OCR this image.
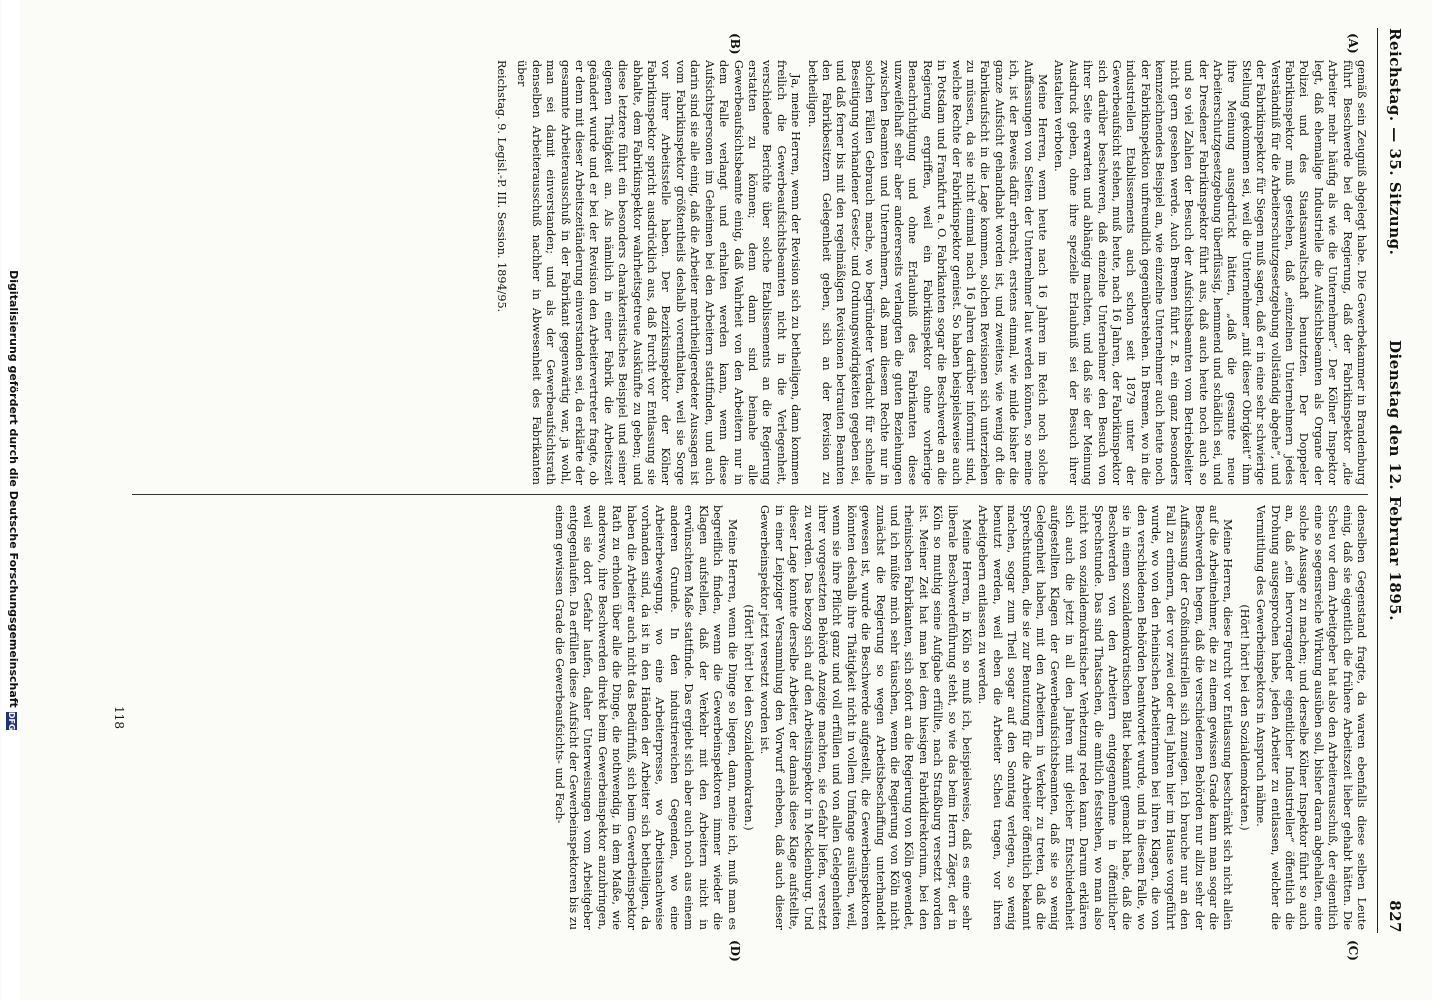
Reichstag. — 35. Sitzung.
Dienstag den 12. Februar 1895.
827
(A)
(B)
(C)
(D)

gemäß sein Zeugniß abgelegt habe. Die Gewerbekammer in Brandenburg führt Beschwerde bei der Regierung, daß der Fabrikinspektor „die Arbeiter mehr häufig als wie die Unternehmer“. Der Kölner Inspektor legt, daß ehemalige Industrielle die Aufsichtsbeamten als Organe der Polizei und des Staatsanwaltschaft benutzten. Der Doppeler Fabrikinspektor muß gestehen, daß „einzelnen Unternehmern jedes Verständniß für die Arbeiterschutzgesetzgebung vollständig abgehe“, und der Fabrikinspektor für Siegen muß sagen, daß er in eine sehr schwierige Stellung gekommen sei, weil die Unternehmer „mit dieser Obrigkeit“ ihm ihre Meinung ausgedrückt hätten, „daß die gesamte neue Arbeiterschutzgesetzgebung überflüssig, hemmend und schädlich sei, und der Dresdener Fabrikinspektor führt aus, daß auch heute noch auch so und so viel Zahlen der Besuch der Aufsichtsbeamten vom Betriebsleiter nicht gern gesehen werde. Auch Bremen führt z. B. ein ganz besonders kennzeichnendes Beispiel an, wie einzelne Unternehmer auch heute noch der Fabrikinspektion unfreundlich gegenüberstehen. In Bremen, wo in die industriellen Etablissements auch schon seit 1879 unter der Gewerbeaufsicht stehen, muß heute, nach 16 Jahren, der Fabrikinspektor sich darüber beschweren, daß einzelne Unternehmer den Besuch von ihrer Seite erwarten und abhängig machten, und daß sie der Meinung Ausdruck geben, ohne ihre spezielle Erlaubniß sei der Besuch ihrer Anstalten verboten.

Meine Herren, wenn heute nach 16 Jahren im Reich noch solche Auffassungen von Seiten der Unternehmer laut werden können, so meine ich, ist der Beweis dafür erbracht, erstens einmal, wie milde bisher die ganze Aufsicht gehandhabt worden ist, und zweitens, wie wenig oft die Fabrikaufsicht in die Lage kommen, solchen Revisionen sich unterziehen zu müssen, da sie nicht einmal nach 16 Jahren darüber informirt sind, welche Rechte der Fabrikinspektor geniest. So haben beispielsweise auch in Potsdam und Frankfurt a. O. Fabrikanten sogar die Beschwerde an die Regierung ergriffen, weil ein Fabrikinspektor ohne vorherige Benachrichtigung und ohne Erlaubniß des Fabrikanten diese unzweifelhaft sehr aber andererseits verlangten die guten Beziehungen zwischen Beamten und Unternehmern, daß man diesem Rechte nur in solchen Fällen Gebrauch mache, wo begründeter Verdacht für schnelle Beseitigung vorhandener Gesetz- und Ordnungswidrigkeiten gegeben sei, und daß ferner bis mit den regelmäßigen Revisionen betrauten Beamten den Fabrikbesitzern Gelegenheit geben, sich an der Revision zu betheiligen.

Ja, meine Herren, wenn der Revision sich zu betheiligen, dann kommen freilich die Gewerbeaufsichtsbeamten nicht in die Verlegenheit, verschiedene Berichte über solche Etablissements an die Regierung erstatten zu können; denn dann sind beinahe alle Gewerbeaufsichtsbeamte einig, daß Wahrheit von den Arbeitern nur in dem Falle verlangt und erhalten werden kann, wenn diese Aufsichtspersonen im Geheimen bei den Arbeitern stattfinden, und auch darin sind sie alle einig, daß die Arbeiter mehrtheilgeredeter Aussagen ist vom Fabrikinspektor größtentheils deshalb vorenthalten, weil sie Sorge vor ihrer Arbeitsstelle haben. Der Bezirksinspektor der Kölner Fabrikinspektor spricht ausdrücklich aus, daß Furcht vor Entlassung sie abhalte, dem Fabrikinspektor wahrheitsgetreue Auskünfte zu geben; und diese letztere führt ein besonders charakteristisches Beispiel und seiner eigenen Thätigkeit an. Als nämlich in einer Fabrik die Arbeitszeit geändert wurde und er bei der Revision den Arbeitervertreter fragte, ob er denn mit dieser Arbeitszeitänderung einverstanden sei, da erklärte der gesammte Arbeiterausschuß in der Fabrikant gegenwärtig war, ja wohl, man sei damit einverstanden; und als der Gewerbeaufsichtsrath denselben Arbeiterausschuß nachher in Abwesenheit des Fabrikanten über

Reichstag. 9. Legisl.-P. III. Session. 1894/95.

denselben Gegenstand fragte, da waren ebenfalls diese selben Leute einig, daß sie eigentlich die frühere Arbeitszeit lieber gehabt hätten. Die Scheu vor dem Arbeitgeber hat also den Arbeiterausschuß, der eigentlich eine so segensreiche Wirkung ausüben soll, bisher daran abgehalten, eine solche Aussage zu machen; und derselbe Kölner Inspektor führt so auch an, daß „ein hervorragender eigentlicher Industrieller“ öffentlich die Drohung ausgesprochen habe, jeden Arbeiter zu entlassen, welcher die Vermittlung des Gewerbeinspektors in Anspruch nähme.

(Hört! hört! bei den Sozialdemokraten.)

Meine Herren, diese Furcht vor Entlassung beschränkt sich nicht allein auf die Arbeitnehmer, die zu einem gewissen Grade kann man sogar die Beschwerden hegen, daß die verschiedenen Behörden nur allzu sehr der Auffassung der Großindustriellen sich zuneigen. Ich brauche nur an den Fall zu erinnern, der vor zwei oder drei Jahren hier im Hause vorgeführt wurde, wo von den rheinischen Arbeiterinnen bei ihren Klagen, die von den verschiedenen Behörden beantwortet wurde, und in diesem Falle, wo sie in einem sozialdemokratischen Blatt bekannt gemacht habe, daß die Beschwerden von den Arbeitern entgegennehme in öffentlicher Sprechstunde. Das sind Thatsachen, die amtlich feststehen, wo man also nicht von sozialdemokratischer Verhetzung reden kann. Darum erklären sich auch die jetzt in all den Jahren mit gleicher Entschiedenheit aufgestellten Klagen der Gewerbeaufsichtsbeamten, daß sie so wenig Gelegenheit haben, mit den Arbeitern in Verkehr zu treten, daß die Sprechstunden, die sie zur Benutzung für die Arbeiter öffentlich bekannt machen, sogar zum Theil sogar auf den Sonntag verlegen, so wenig benutzt werden, weil eben die Arbeiter Scheu tragen, vor ihren Arbeitgebern entlassen zu werden.

Meine Herren, in Köln so muß ich, beispielsweise, daß es eine sehr liberale Beschwerdeführung steht, so wie das beim Herrn Zäger, der in Köln so muthig seine Aufgabe erfüllte, nach Straßburg versetzt worden ist. Meiner Zeit hat man bei dem hiesigen Fabrikdirektorium, bei den rheinischen Fabrikanten, sich sofort an die Regierung von Köln gewendet, und ich müßte mich sehr täuschen, wenn die Regierung von Köln nicht zunächst die Regierung so wegen Arbeitsbeschaffung unterhandelt gewesen ist, wurde die Beschwerde aufgestellt, die Gewerbeinspektoren könnten deshalb ihre Thätigkeit nicht in vollem Umfange ausüben, weil, wenn sie ihre Pflicht ganz und voll erfüllen und von allen Gelegenheiten ihrer vorgesetzten Behörde Anzeige machten, sie Gefahr liefen, versetzt zu werden. Das bezog sich auf den Arbeitsinspektor in Mecklenburg. Und dieser Lage konnte derselbe Arbeiter, der damals diese Klage aufstellte, in einer Leipziger Versammlung den Vorwurf erheben, daß auch dieser Gewerbeinspektor jetzt versetzt worden ist.

(Hört! hört! bei den Sozialdemokraten.)

Meine Herren, wenn die Dinge so liegen, dann, meine ich, muß man es begreiflich finden, wenn die Gewerbeinspektoren immer wieder die Klagen aufstellen, daß der Verkehr mit den Arbeitern nicht in erwünschtem Maße stattfinde. Das ergiebt sich aber auch noch aus einem anderen Grunde. In den industriereichen Gegenden, wo eine Arbeiterbewegung, wo eine Arbeiterpresse, wo Arbeitsnachweise vorhanden sind, da ist in den Händen der Arbeiter sich betheiligen, da haben die Arbeiter auch nicht das Bedürfniß, sich beim Gewerbeinspektor Rath zu erholen über alle die Dinge, die nothwendig, in dem Maße, wie anderswo, ihre Beschwerden direkt beim Gewerbeinspektor anzubringen, weil sie dort Gefahr laufen, daher Unterweisungen vom Arbeitgeber entgegenlaufen. Da erfüllen diese Aufsicht der Gewerbeinspektoren bis zu einem gewissen Grade die Gewerbeaufsichts- und Fach-

118
Digitalisierung gefördert durch die Deutsche ForschungsgemeinschaftDFG
